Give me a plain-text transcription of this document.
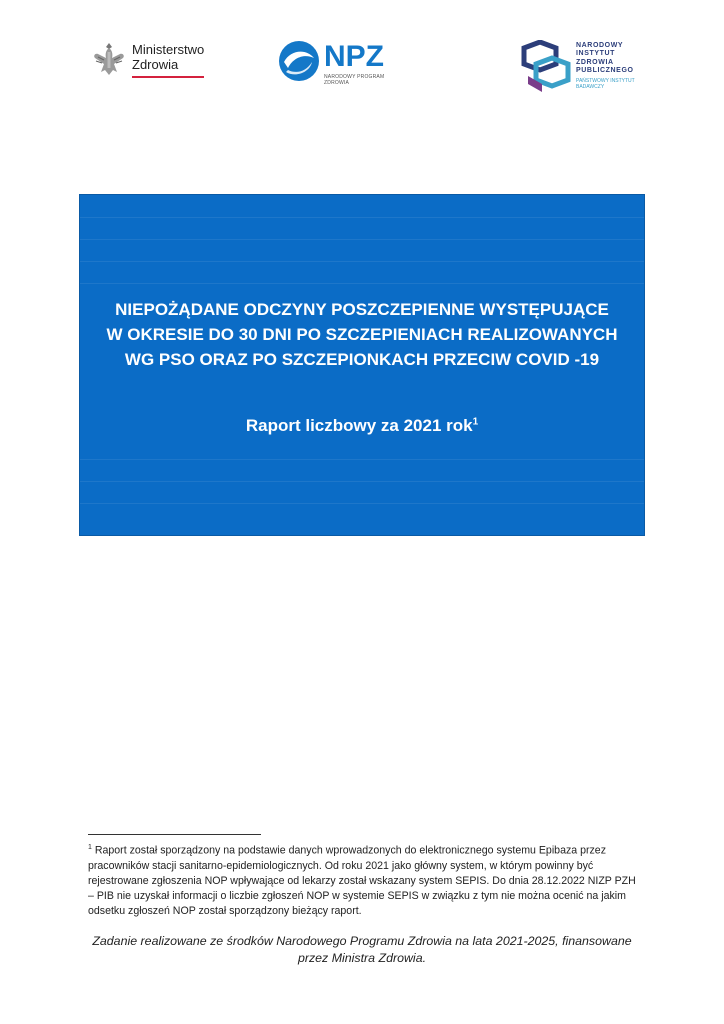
Ministerstwo
Zdrowia	NPZ
NARODOWY PROGRAM ZDROWIA
NARODOWY
INSTYTUT
ZDROWIA
PUBLICZNEGO
PAŃSTWOWY INSTYTUT
BADAWCZY
NIEPOŻĄDANE ODCZYNY POSZCZEPIENNE WYSTĘPUJĄCE
W OKRESIE DO 30 DNI PO SZCZEPIENIACH REALIZOWANYCH
WG PSO ORAZ PO SZCZEPIONKACH PRZECIW COVID -19
Raport liczbowy za 2021 rok$^1$
$^1$ Raport został sporządzony na podstawie danych wprowadzonych do elektronicznego systemu Epibaza przez pracowników stacji sanitarno-epidemiologicznych. Od roku 2021 jako główny system, w którym powinny być rejestrowane zgłoszenia NOP wpływające od lekarzy został wskazany system SEPIS. Do dnia 28.12.2022 NIZP PZH – PIB nie uzyskał informacji o liczbie zgłoszeń NOP w systemie SEPIS w związku z tym nie można ocenić na jakim odsetku zgłoszeń NOP został sporządzony bieżący raport.
Zadanie realizowane ze środków Narodowego Programu Zdrowia na lata 2021-2025, finansowane przez Ministra Zdrowia.
